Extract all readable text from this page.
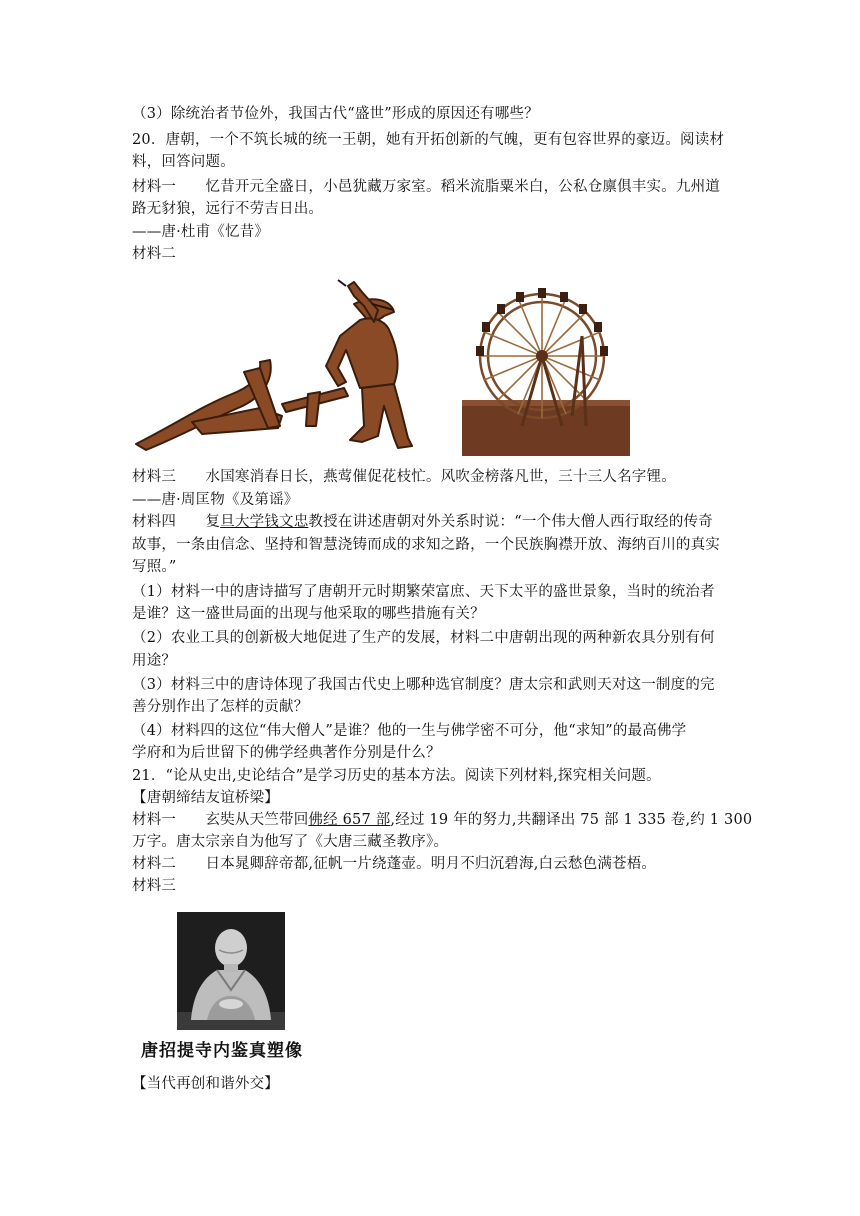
（3）除统治者节俭外，我国古代“盛世”形成的原因还有哪些？
20．唐朝，一个不筑长城的统一王朝，她有开拓创新的气魄，更有包容世界的豪迈。阅读材
料，回答问题。
材料一　　忆昔开元全盛日，小邑犹藏万家室。稻米流脂粟米白，公私仓廪俱丰实。九州道
路无豺狼，远行不劳吉日出。
——唐·杜甫《忆昔》
材料二
材料三　　水国寒消春日长，燕莺催促花枝忙。风吹金榜落凡世，三十三人名字锂。
——唐·周匡物《及第谣》
材料四　　复旦大学钱文忠教授在讲述唐朝对外关系时说：“一个伟大僧人西行取经的传奇
故事，一条由信念、坚持和智慧浇铸而成的求知之路，一个民族胸襟开放、海纳百川的真实
写照。”
（1）材料一中的唐诗描写了唐朝开元时期繁荣富庶、天下太平的盛世景象，当时的统治者
是谁？这一盛世局面的出现与他采取的哪些措施有关？
（2）农业工具的创新极大地促进了生产的发展，材料二中唐朝出现的两种新农具分别有何
用途？
（3）材料三中的唐诗体现了我国古代史上哪种选官制度？唐太宗和武则天对这一制度的完
善分别作出了怎样的贡献？
（4）材料四的这位“伟大僧人”是谁？他的一生与佛学密不可分，他“求知”的最高佛学
学府和为后世留下的佛学经典著作分别是什么？
21．“论从史出,史论结合”是学习历史的基本方法。阅读下列材料,探究相关问题。
【唐朝缔结友谊桥梁】
材料一　　玄奘从天竺带回佛经 657 部,经过 19 年的努力,共翻译出 75 部 1 335 卷,约 1 300
万字。唐太宗亲自为他写了《大唐三藏圣教序》。
材料二　　日本晁卿辞帝都,征帆一片绕蓬壶。明月不归沉碧海,白云愁色满苍梧。
材料三
唐招提寺内鉴真塑像
【当代再创和谐外交】
